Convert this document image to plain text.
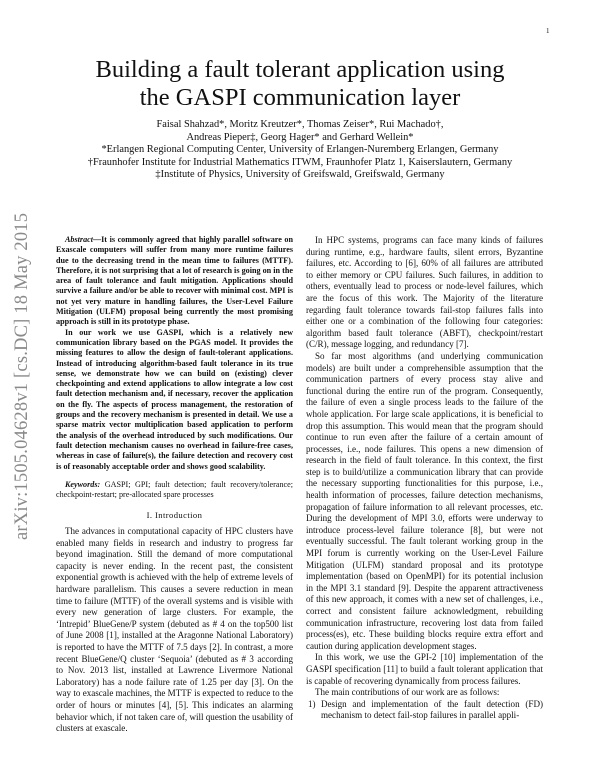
1
arXiv:1505.04628v1 [cs.DC] 18 May 2015
Building a fault tolerant application using
the GASPI communication layer
Faisal Shahzad*, Moritz Kreutzer*, Thomas Zeiser*, Rui Machado†,
Andreas Pieper‡, Georg Hager* and Gerhard Wellein*
*Erlangen Regional Computing Center, University of Erlangen-Nuremberg Erlangen, Germany
†Fraunhofer Institute for Industrial Mathematics ITWM, Fraunhofer Platz 1, Kaiserslautern, Germany
‡Institute of Physics, University of Greifswald, Greifswald, Germany

Abstract—It is commonly agreed that highly parallel software on Exascale computers will suffer from many more runtime failures due to the decreasing trend in the mean time to failures (MTTF). Therefore, it is not surprising that a lot of research is going on in the area of fault tolerance and fault mitigation. Applications should survive a failure and/or be able to recover with minimal cost. MPI is not yet very mature in handling failures, the User-Level Failure Mitigation (ULFM) proposal being currently the most promising approach is still in its prototype phase.

In our work we use GASPI, which is a relatively new communication library based on the PGAS model. It provides the missing features to allow the design of fault-tolerant applications. Instead of introducing algorithm-based fault tolerance in its true sense, we demonstrate how we can build on (existing) clever checkpointing and extend applications to allow integrate a low cost fault detection mechanism and, if necessary, recover the application on the fly. The aspects of process management, the restoration of groups and the recovery mechanism is presented in detail. We use a sparse matrix vector multiplication based application to perform the analysis of the overhead introduced by such modifications. Our fault detection mechanism causes no overhead in failure-free cases, whereas in case of failure(s), the failure detection and recovery cost is of reasonably acceptable order and shows good scalability.

Keywords: GASPI; GPI; fault detection; fault recovery/tolerance; checkpoint-restart; pre-allocated spare processes
I. Introduction

The advances in computational capacity of HPC clusters have enabled many fields in research and industry to progress far beyond imagination. Still the demand of more computational capacity is never ending. In the recent past, the consistent exponential growth is achieved with the help of extreme levels of hardware parallelism. This causes a severe reduction in mean time to failure (MTTF) of the overall systems and is visible with every new generation of large clusters. For example, the ‘Intrepid’ BlueGene/P system (debuted as # 4 on the top500 list of June 2008 [1], installed at the Aragonne National Laboratory) is reported to have the MTTF of 7.5 days [2]. In contrast, a more recent BlueGene/Q cluster ‘Sequoia’ (debuted as # 3 according to Nov. 2013 list, installed at Lawrence Livermore National Laboratory) has a node failure rate of 1.25 per day [3]. On the way to exascale machines, the MTTF is expected to reduce to the order of hours or minutes [4], [5]. This indicates an alarming behavior which, if not taken care of, will question the usability of clusters at exascale.

In HPC systems, programs can face many kinds of failures during runtime, e.g., hardware faults, silent errors, Byzantine failures, etc. According to [6], 60% of all failures are attributed to either memory or CPU failures. Such failures, in addition to others, eventually lead to process or node-level failures, which are the focus of this work. The Majority of the literature regarding fault tolerance towards fail-stop failures falls into either one or a combination of the following four categories: algorithm based fault tolerance (ABFT), checkpoint/restart (C/R), message logging, and redundancy [7].

So far most algorithms (and underlying communication models) are built under a comprehensible assumption that the communication partners of every process stay alive and functional during the entire run of the program. Consequently, the failure of even a single process leads to the failure of the whole application. For large scale applications, it is beneficial to drop this assumption. This would mean that the program should continue to run even after the failure of a certain amount of processes, i.e., node failures. This opens a new dimension of research in the field of fault tolerance. In this context, the first step is to build/utilize a communication library that can provide the necessary supporting functionalities for this purpose, i.e., health information of processes, failure detection mechanisms, propagation of failure information to all relevant processes, etc. During the development of MPI 3.0, efforts were underway to introduce process-level failure tolerance [8], but were not eventually successful. The fault tolerant working group in the MPI forum is currently working on the User-Level Failure Mitigation (ULFM) standard proposal and its prototype implementation (based on OpenMPI) for its potential inclusion in the MPI 3.1 standard [9]. Despite the apparent attractiveness of this new approach, it comes with a new set of challenges, i.e., correct and consistent failure acknowledgment, rebuilding communication infrastructure, recovering lost data from failed process(es), etc. These building blocks require extra effort and caution during application development stages.

In this work, we use the GPI-2 [10] implementation of the GASPI specification [11] to build a fault tolerant application that is capable of recovering dynamically from process failures.

The main contributions of our work are as follows:

1) Design and implementation of the fault detection (FD) mechanism to detect fail-stop failures in parallel appli-
